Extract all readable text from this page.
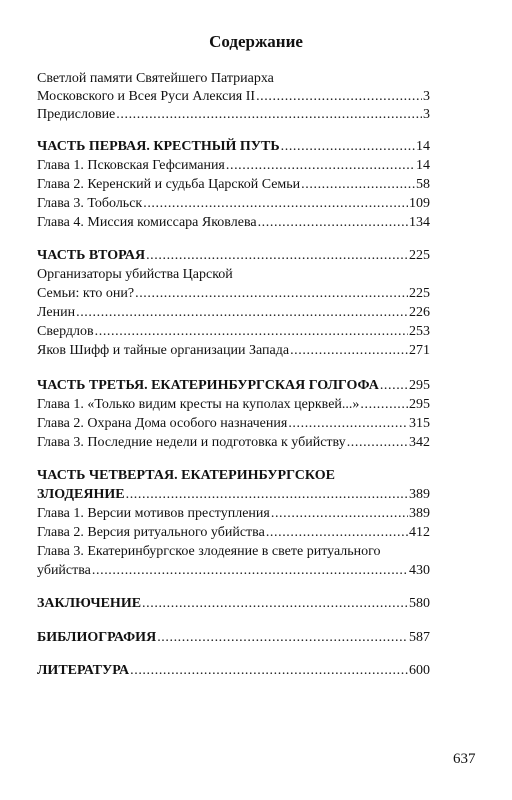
Содержание
Светлой памяти Святейшего Патриарха
Московского и Всея Руси Алексия II .....	3
Предисловие .....	3
ЧАСТЬ ПЕРВАЯ. КРЕСТНЫЙ ПУТЬ .....	14
Глава 1. Псковская Гефсимания .....	14
Глава 2. Керенский и судьба Царской Семьи .....	58
Глава 3. Тобольск .....	109
Глава 4. Миссия комиссара Яковлева .....	134
ЧАСТЬ ВТОРАЯ .....	225
Организаторы убийства Царской
Семьи: кто они? .....	225
Ленин .....	226
Свердлов .....	253
Яков Шифф и тайные организации Запада .....	271
ЧАСТЬ ТРЕТЬЯ. ЕКАТЕРИНБУРГСКАЯ ГОЛГОФА ..... 295
Глава 1. «Только видим кресты на куполах церквей...» .....	295
Глава 2. Охрана Дома особого назначения .....	315
Глава 3. Последние недели и подготовка к убийству .....	342
ЧАСТЬ ЧЕТВЕРТАЯ. ЕКАТЕРИНБУРГСКОЕ
ЗЛОДЕЯНИЕ .....	389
Глава 1. Версии мотивов преступления .....	389
Глава 2. Версия ритуального убийства .....	412
Глава 3. Екатеринбургское злодеяние в свете ритуального
убийства .....	430
ЗАКЛЮЧЕНИЕ .....	580
БИБЛИОГРАФИЯ .....	587
ЛИТЕРАТУРА .....	600
637
